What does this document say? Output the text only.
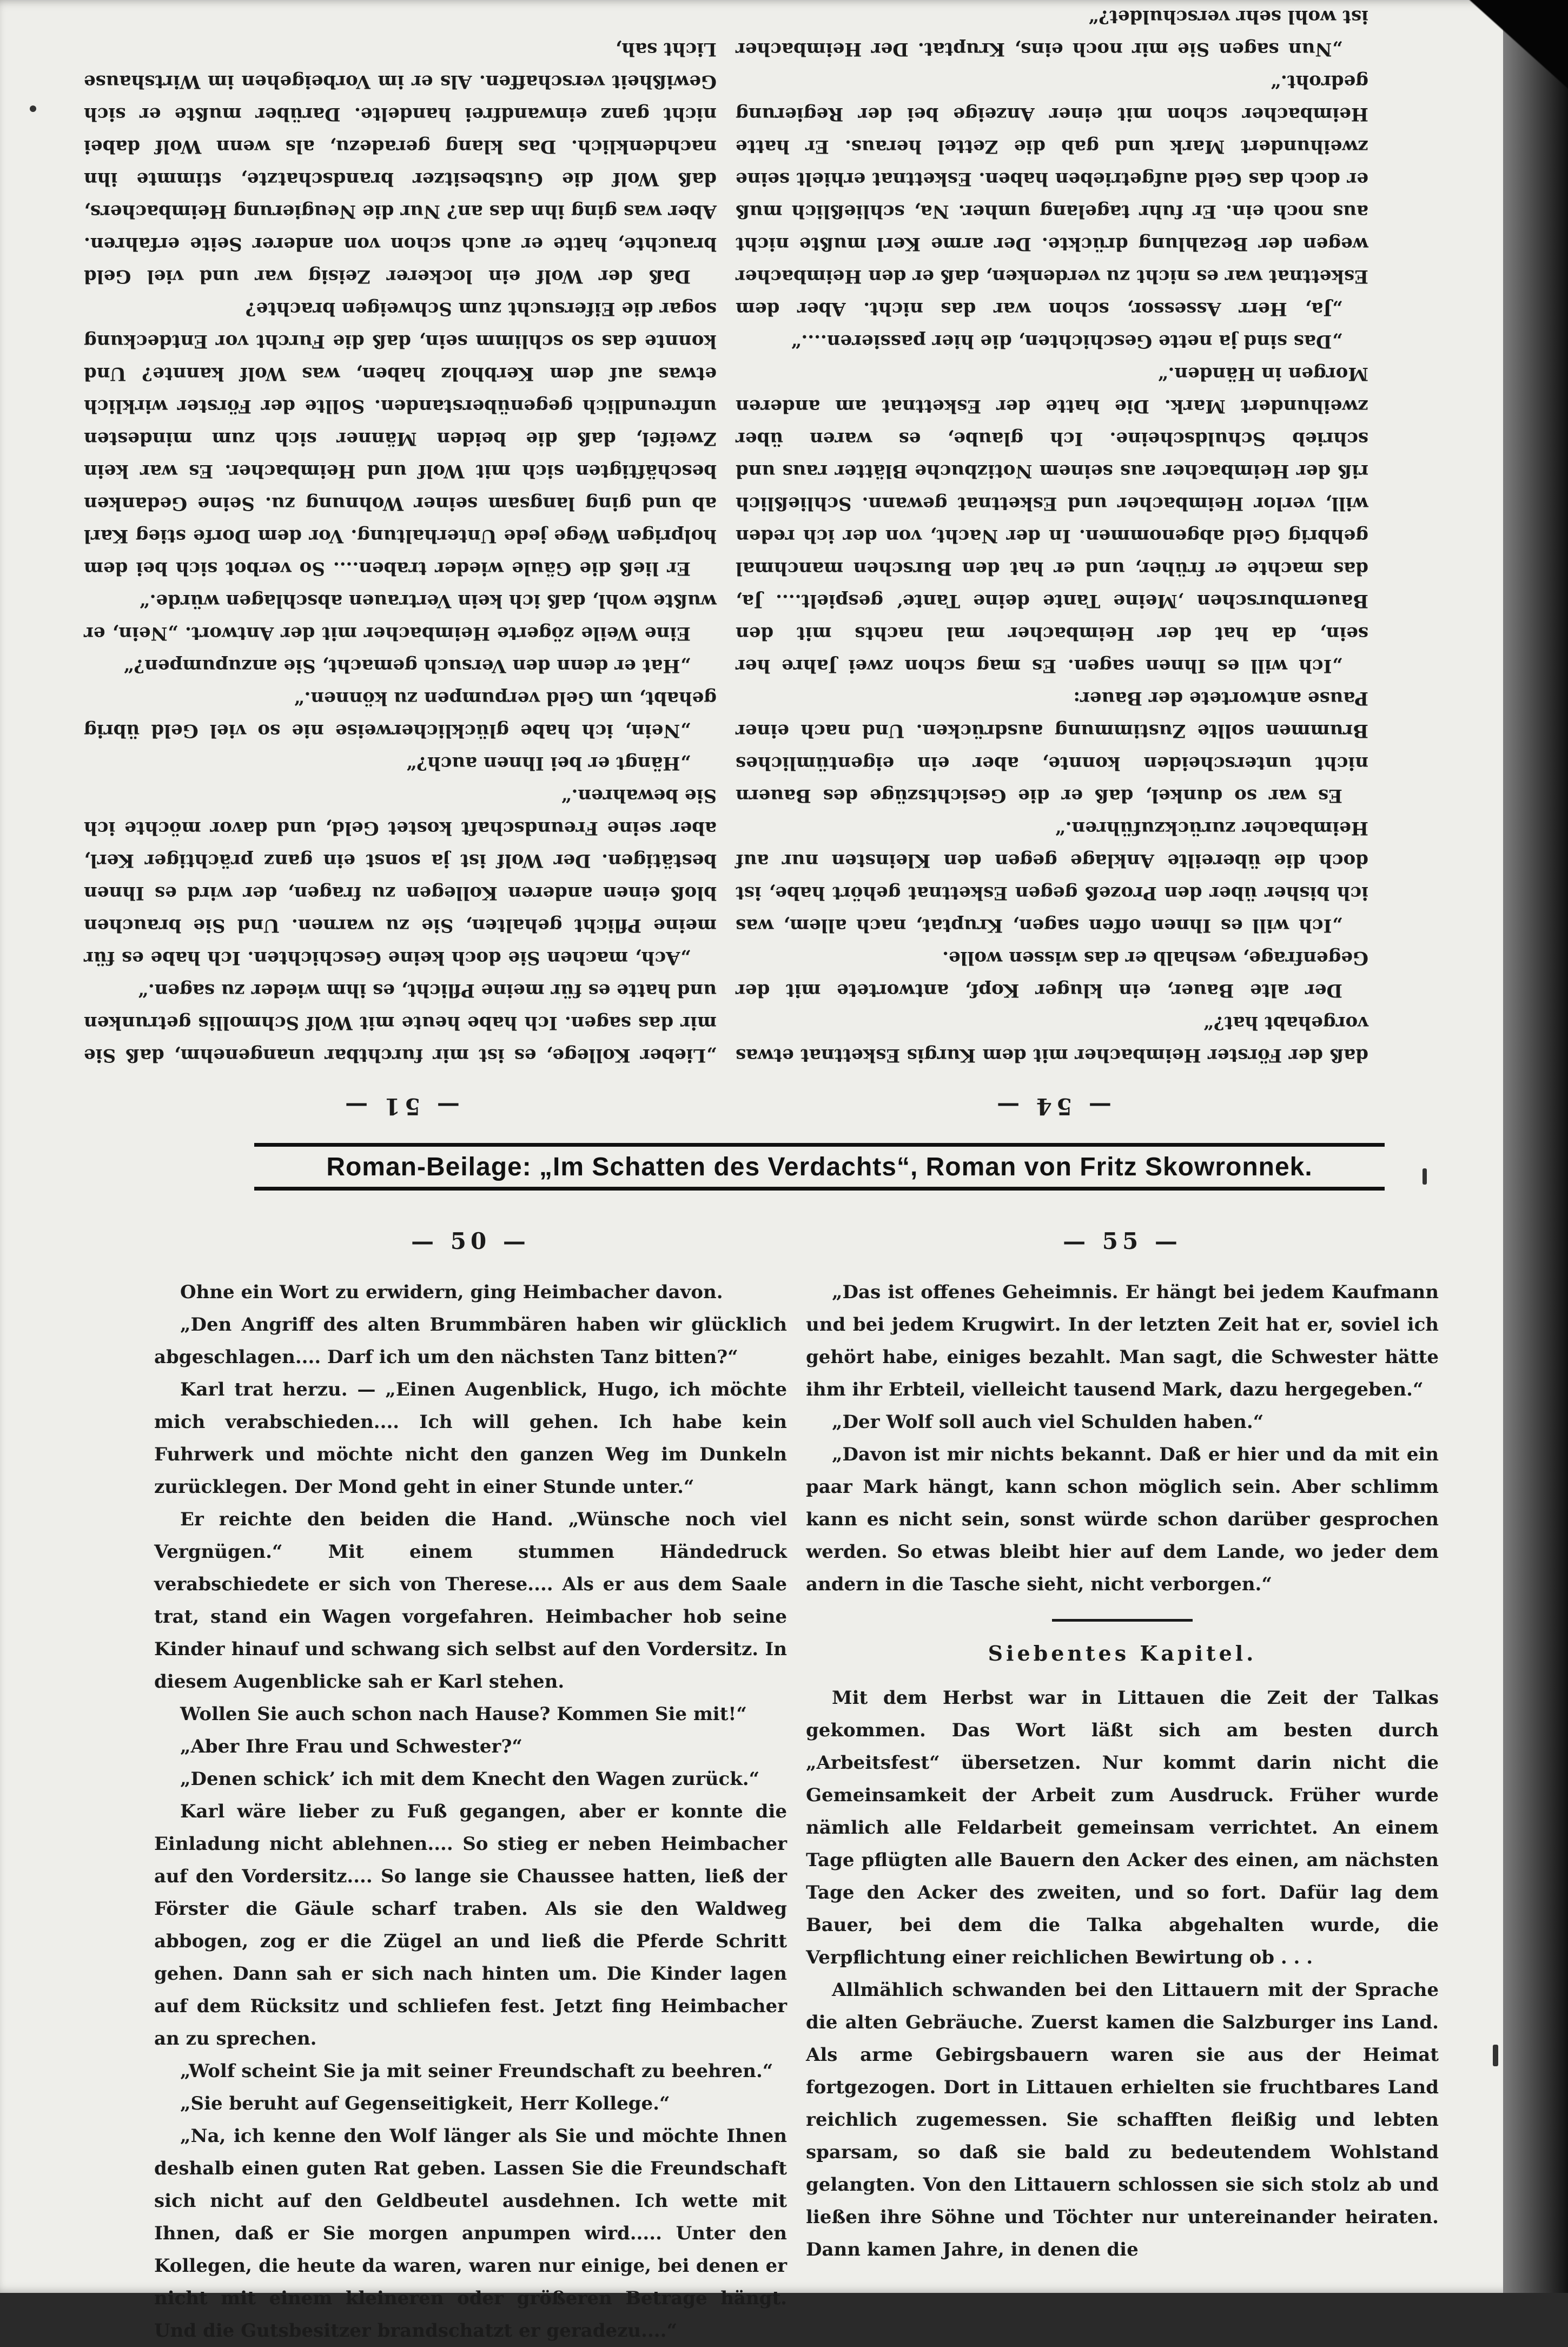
— 54 —

daß der Förster Heimbacher mit dem Kurgis Eskettnat etwas vorgehabt hat?“

Der alte Bauer, ein kluger Kopf, antwortete mit der Gegenfrage, weshalb er das wissen wolle.

„Ich will es Ihnen offen sagen, Kruptat, nach allem, was ich bisher über den Prozeß gegen Eskettnat gehört habe, ist doch die übereilte Anklage gegen den Kleinsten nur auf Heimbacher zurückzuführen.“

Es war so dunkel, daß er die Gesichtszüge des Bauern nicht unterscheiden konnte, aber ein eigentümliches Brummen sollte Zustimmung ausdrücken. Und nach einer Pause antwortete der Bauer:

„Ich will es Ihnen sagen. Es mag schon zwei Jahre her sein, da hat der Heimbacher mal nachts mit den Bauernburschen ‚Meine Tante deine Tante‘ gespielt.... Ja, das machte er früher, und er hat den Burschen manchmal gehbrig Geld abgenommen. In der Nacht, von der ich reden will, verlor Heimbacher und Eskettnat gewann. Schließlich riß der Heimbacher aus seinem Notizbuche Blätter raus und schrieb Schuldscheine. Ich glaube, es waren über zweihundert Mark. Die hatte der Eskettnat am anderen Morgen in Händen.“

„Das sind ja nette Geschichten, die hier passieren....“

„Ja, Herr Assessor, schon war das nicht. Aber dem Eskettnat war es nicht zu verdenken, daß er den Heimbacher wegen der Bezahlung drückte. Der arme Kerl mußte nicht aus noch ein. Er fuhr tagelang umher. Na, schließlich muß er doch das Geld aufgetrieben haben. Eskettnat erhielt seine zweihundert Mark und gab die Zettel heraus. Er hatte Heimbacher schon mit einer Anzeige bei der Regierung gedroht.“

„Nun sagen Sie mir noch eins, Kruptat. Der Heimbacher ist wohl sehr verschuldet?“

— 51 —

„Lieber Kollege, es ist mir furchtbar unangenehm, daß Sie mir das sagen. Ich habe heute mit Wolf Schmollis getrunken und hatte es für meine Pflicht, es ihm wieder zu sagen.“

„Ach, machen Sie doch keine Geschichten. Ich habe es für meine Pflicht gehalten, Sie zu warnen. Und Sie brauchen bloß einen anderen Kollegen zu fragen, der wird es Ihnen bestätigen. Der Wolf ist ja sonst ein ganz prächtiger Kerl, aber seine Freundschaft kostet Geld, und davor möchte ich Sie bewahren.“

„Hängt er bei Ihnen auch?“

„Nein, ich habe glücklicherweise nie so viel Geld übrig gehabt, um Geld verpumpen zu können.“

„Hat er denn den Versuch gemacht, Sie anzupumpen?“

Eine Weile zögerte Heimbacher mit der Antwort. „Nein, er wußte wohl, daß ich kein Vertrauen abschlagen würde.“

Er ließ die Gäule wieder traben.... So verbot sich bei dem holprigen Wege jede Unterhaltung. Vor dem Dorfe stieg Karl ab und ging langsam seiner Wohnung zu. Seine Gedanken beschäftigten sich mit Wolf und Heimbacher. Es war kein Zweifel, daß die beiden Männer sich zum mindesten unfreundlich gegenüberstanden. Sollte der Förster wirklich etwas auf dem Kerbholz haben, was Wolf kannte? Und konnte das so schlimm sein, daß die Furcht vor Entdeckung sogar die Eifersucht zum Schweigen brachte?

Daß der Wolf ein lockerer Zeisig war und viel Geld brauchte, hatte er auch schon von anderer Seite erfahren. Aber was ging ihn das an? Nur die Neugierung Heimbachers, daß Wolf die Gutsbesitzer brandschatzte, stimmte ihn nachdenklich. Das klang geradezu, als wenn Wolf dabei nicht ganz einwandfrei handelte. Darüber mußte er sich Gewißheit verschaffen. Als er im Vorbeigehen im Wirtshause Licht sah,

Roman-Beilage: „Im Schatten des Verdachts“, Roman von Fritz Skowronnek.
— 50 —

Ohne ein Wort zu erwidern, ging Heimbacher davon.

„Den Angriff des alten Brummbären haben wir glücklich abgeschlagen.... Darf ich um den nächsten Tanz bitten?“

Karl trat herzu. — „Einen Augenblick, Hugo, ich möchte mich verabschieden.... Ich will gehen. Ich habe kein Fuhrwerk und möchte nicht den ganzen Weg im Dunkeln zurücklegen. Der Mond geht in einer Stunde unter.“

Er reichte den beiden die Hand. „Wünsche noch viel Vergnügen.“ Mit einem stummen Händedruck verabschiedete er sich von Therese.... Als er aus dem Saale trat, stand ein Wagen vorgefahren. Heimbacher hob seine Kinder hinauf und schwang sich selbst auf den Vordersitz. In diesem Augenblicke sah er Karl stehen.

Wollen Sie auch schon nach Hause? Kommen Sie mit!“

„Aber Ihre Frau und Schwester?“

„Denen schick’ ich mit dem Knecht den Wagen zurück.“

Karl wäre lieber zu Fuß gegangen, aber er konnte die Einladung nicht ablehnen.... So stieg er neben Heimbacher auf den Vordersitz.... So lange sie Chaussee hatten, ließ der Förster die Gäule scharf traben. Als sie den Waldweg abbogen, zog er die Zügel an und ließ die Pferde Schritt gehen. Dann sah er sich nach hinten um. Die Kinder lagen auf dem Rücksitz und schliefen fest. Jetzt fing Heimbacher an zu sprechen.

„Wolf scheint Sie ja mit seiner Freundschaft zu beehren.“

„Sie beruht auf Gegenseitigkeit, Herr Kollege.“

„Na, ich kenne den Wolf länger als Sie und möchte Ihnen deshalb einen guten Rat geben. Lassen Sie die Freundschaft sich nicht auf den Geldbeutel ausdehnen. Ich wette mit Ihnen, daß er Sie morgen anpumpen wird..... Unter den Kollegen, die heute da waren, waren nur einige, bei denen er nicht mit einem kleineren oder größeren Betrage hängt. Und die Gutsbesitzer brandschatzt er geradezu....“

— 55 —

„Das ist offenes Geheimnis. Er hängt bei jedem Kaufmann und bei jedem Krugwirt. In der letzten Zeit hat er, soviel ich gehört habe, einiges bezahlt. Man sagt, die Schwester hätte ihm ihr Erbteil, vielleicht tausend Mark, dazu hergegeben.“

„Der Wolf soll auch viel Schulden haben.“

„Davon ist mir nichts bekannt. Daß er hier und da mit ein paar Mark hängt, kann schon möglich sein. Aber schlimm kann es nicht sein, sonst würde schon darüber gesprochen werden. So etwas bleibt hier auf dem Lande, wo jeder dem andern in die Tasche sieht, nicht verborgen.“

Siebentes Kapitel.

Mit dem Herbst war in Littauen die Zeit der Talkas gekommen. Das Wort läßt sich am besten durch „Arbeitsfest“ übersetzen. Nur kommt darin nicht die Gemeinsamkeit der Arbeit zum Ausdruck. Früher wurde nämlich alle Feldarbeit gemeinsam verrichtet. An einem Tage pflügten alle Bauern den Acker des einen, am nächsten Tage den Acker des zweiten, und so fort. Dafür lag dem Bauer, bei dem die Talka abgehalten wurde, die Verpflichtung einer reichlichen Bewirtung ob . . .

Allmählich schwanden bei den Littauern mit der Sprache die alten Gebräuche. Zuerst kamen die Salzburger ins Land. Als arme Gebirgsbauern waren sie aus der Heimat fortgezogen. Dort in Littauen erhielten sie fruchtbares Land reichlich zugemessen. Sie schafften fleißig und lebten sparsam, so daß sie bald zu bedeutendem Wohlstand gelangten. Von den Littauern schlossen sie sich stolz ab und ließen ihre Söhne und Töchter nur untereinander heiraten. Dann kamen Jahre, in denen die
